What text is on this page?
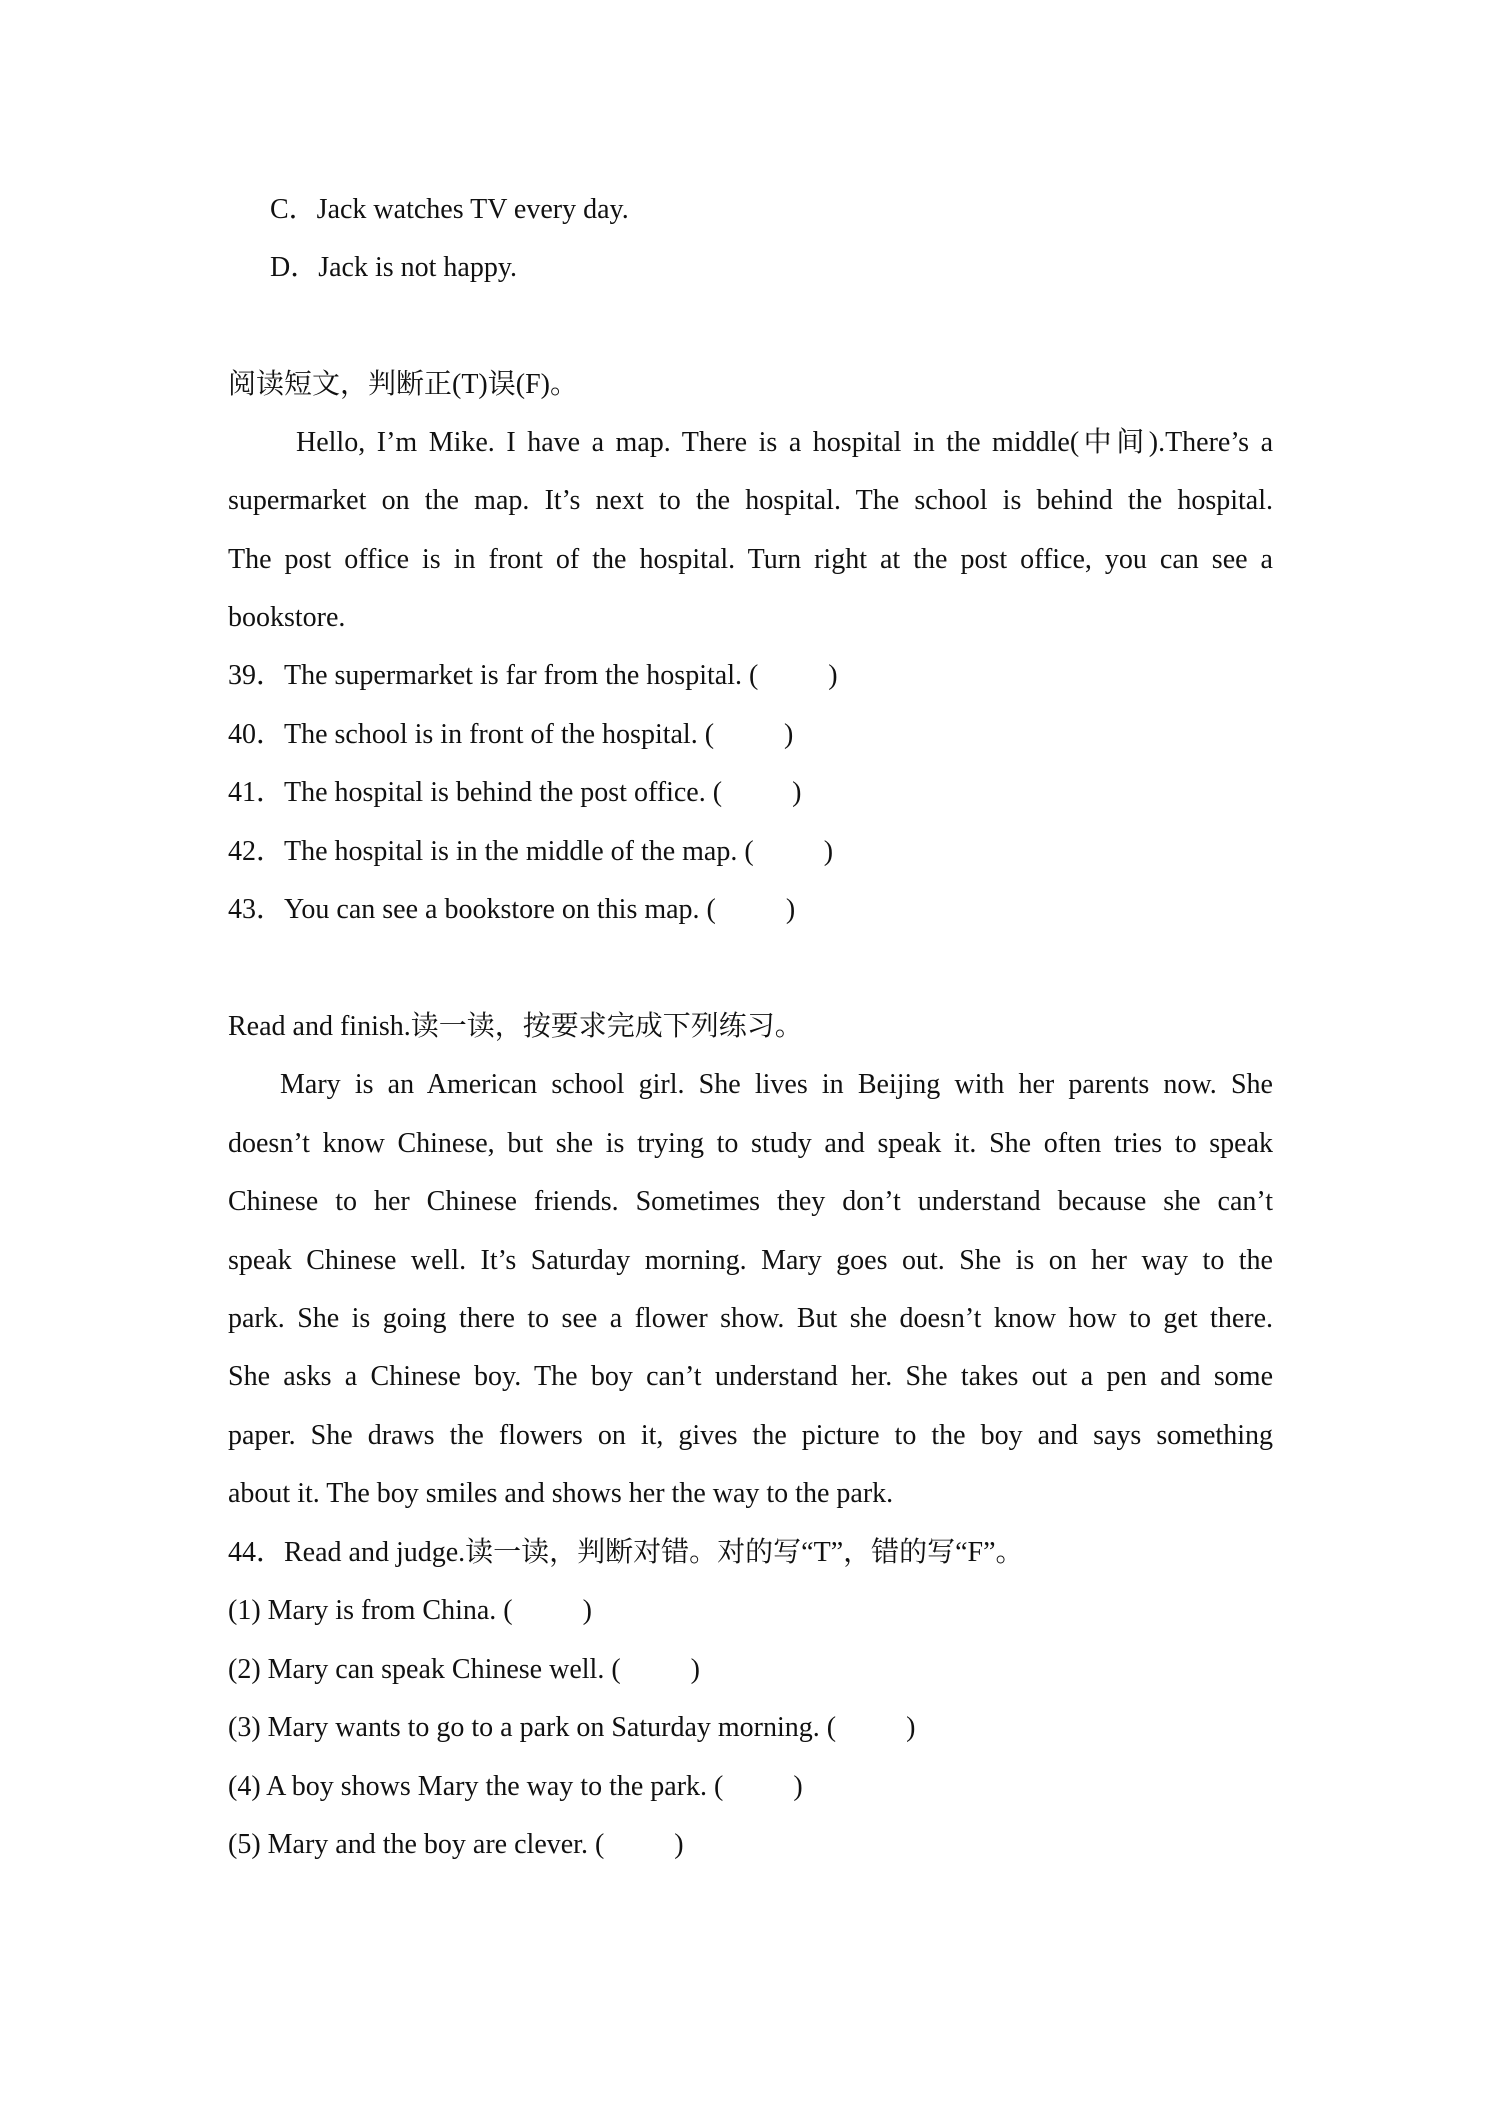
C．Jack watches TV every day.
D．Jack is not happy.
阅读短文，判断正(T)误(F)。
Hello, I’m Mike. I have a map. There is a hospital in the middle(中间).There’s a
supermarket on the map. It’s next to the hospital. The school is behind the hospital.
The post office is in front of the hospital. Turn right at the post office, you can see a
bookstore.
39．The supermarket is far from the hospital. (	)
40．The school is in front of the hospital. (	)
41．The hospital is behind the post office. (	)
42．The hospital is in the middle of the map. (	)
43．You can see a bookstore on this map. (	)
Read and finish.读一读，按要求完成下列练习。
Mary is an American school girl. She lives in Beijing with her parents now. She
doesn’t know Chinese, but she is trying to study and speak it. She often tries to speak
Chinese to her Chinese friends. Sometimes they don’t understand because she can’t
speak Chinese well. It’s Saturday morning. Mary goes out. She is on her way to the
park. She is going there to see a flower show. But she doesn’t know how to get there.
She asks a Chinese boy. The boy can’t understand her. She takes out a pen and some
paper. She draws the flowers on it, gives the picture to the boy and says something
about it. The boy smiles and shows her the way to the park.
44．Read and judge.读一读，判断对错。对的写“T”，错的写“F”。
(1) Mary is from China. (	)
(2) Mary can speak Chinese well. (	)
(3) Mary wants to go to a park on Saturday morning. (	)
(4) A boy shows Mary the way to the park. (	)
(5) Mary and the boy are clever. (	)
